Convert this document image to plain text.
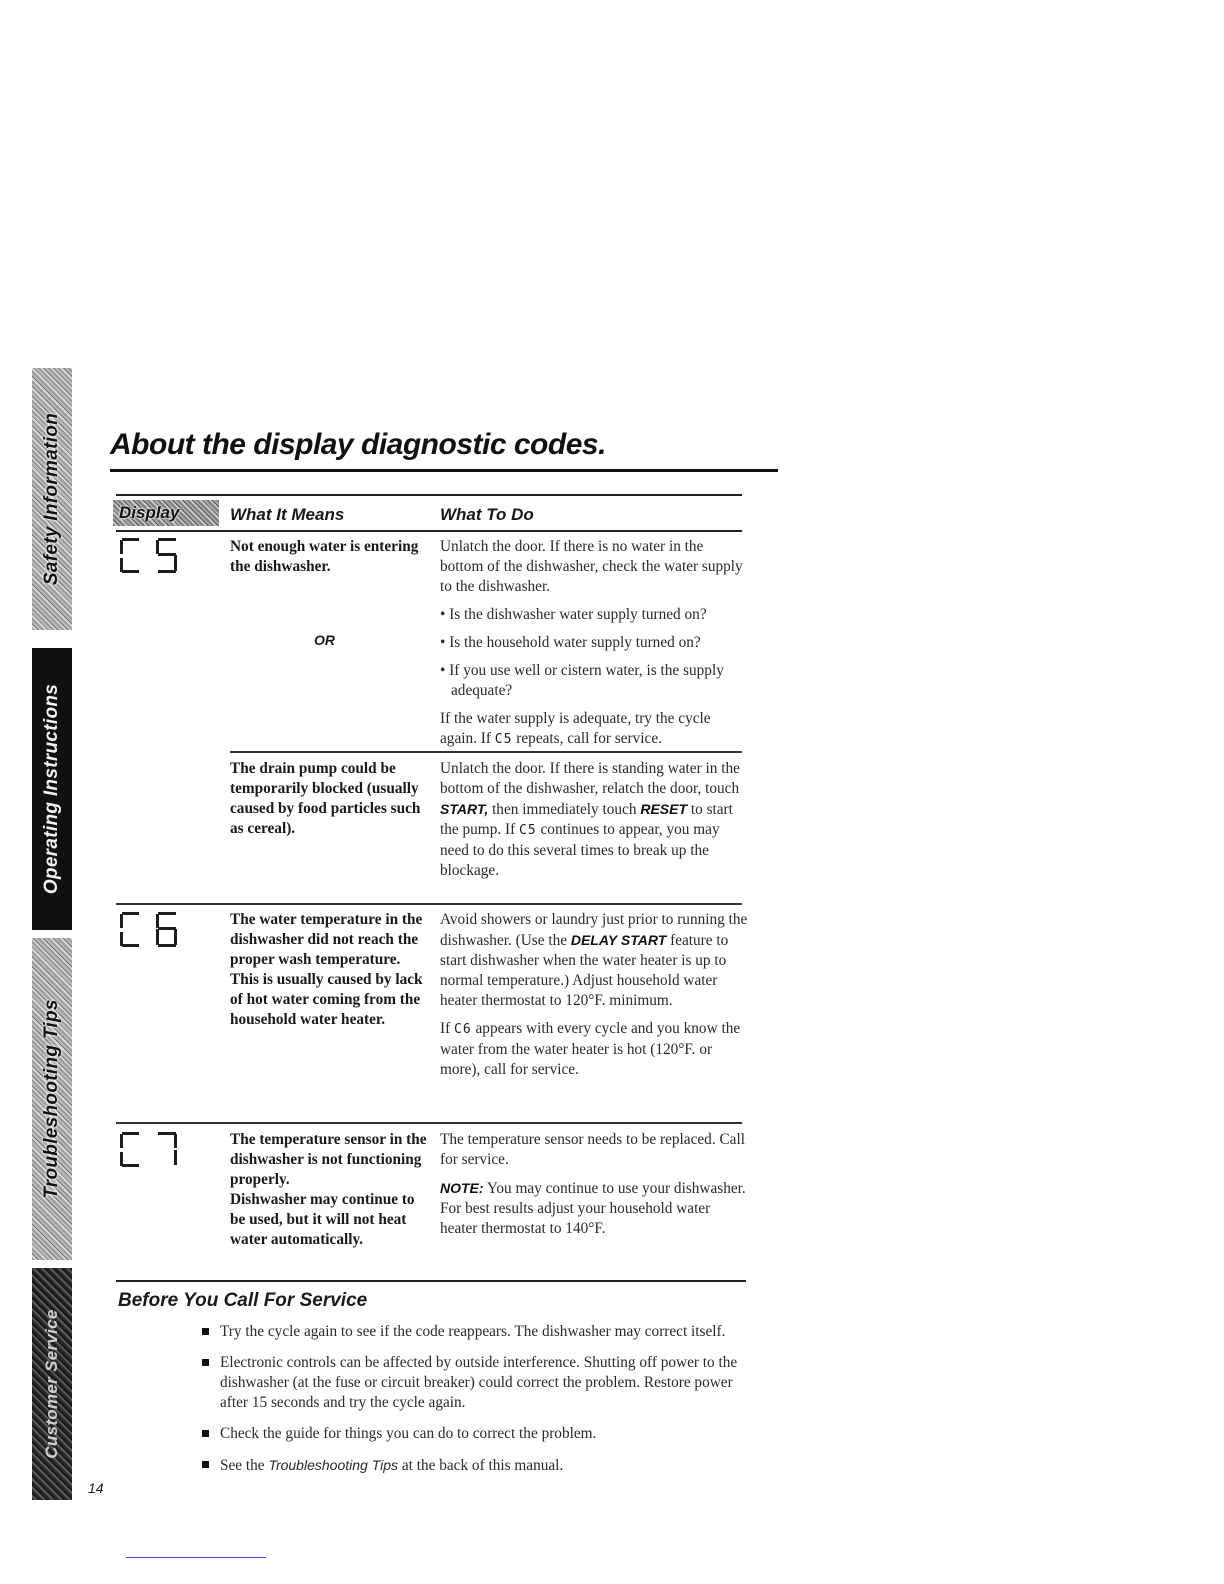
Safety Information
Operating Instructions
Troubleshooting Tips
Customer Service
14
About the display diagnostic codes.
Display	What It Means	What To Do
Not enough water is entering the dishwasher.
OR

Unlatch the door. If there is no water in the bottom of the dishwasher, check the water supply to the dishwasher.

• Is the dishwasher water supply turned on?

• Is the household water supply turned on?

• If you use well or cistern water, is the supply adequate?

If the water supply is adequate, try the cycle again. If C5 repeats, call for service.

The drain pump could be temporarily blocked (usually caused by food particles such as cereal).

Unlatch the door. If there is standing water in the bottom of the dishwasher, relatch the door, touch START, then immediately touch RESET to start the pump. If C5 continues to appear, you may need to do this several times to break up the blockage.

The water temperature in the dishwasher did not reach the proper wash temperature. This is usually caused by lack of hot water coming from the household water heater.

Avoid showers or laundry just prior to running the dishwasher. (Use the DELAY START feature to start dishwasher when the water heater is up to normal temperature.) Adjust household water heater thermostat to 120°F. minimum.

If C6 appears with every cycle and you know the water from the water heater is hot (120°F. or more), call for service.

The temperature sensor in the dishwasher is not functioning properly.
Dishwasher may continue to be used, but it will not heat water automatically.

The temperature sensor needs to be replaced. Call for service.

NOTE: You may continue to use your dishwasher. For best results adjust your household water heater thermostat to 140°F.

Before You Call For Service
Try the cycle again to see if the code reappears. The dishwasher may correct itself.
Electronic controls can be affected by outside interference. Shutting off power to the dishwasher (at the fuse or circuit breaker) could correct the problem. Restore power after 15 seconds and try the cycle again.
Check the guide for things you can do to correct the problem.
See the Troubleshooting Tips at the back of this manual.
